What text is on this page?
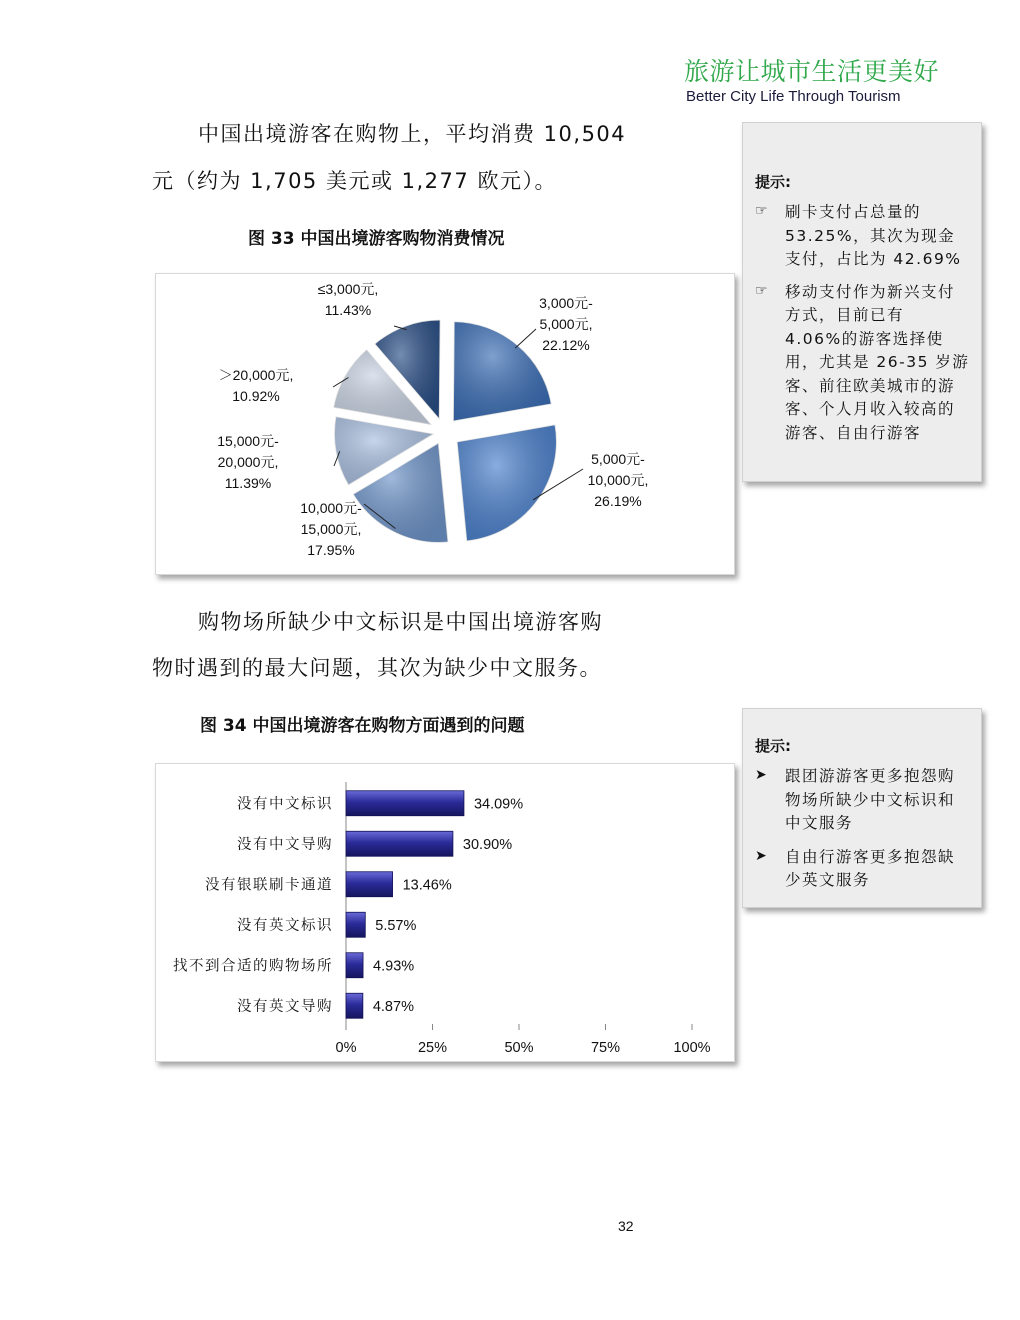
旅游让城市生活更美好
Better City Life Through Tourism
中国出境游客在购物上，平均消费 10,504
元（约为 1,705 美元或 1,277 欧元）。
图 33 中国出境游客购物消费情况
3,000元-5,000元, 22.12%
5,000元-10,000元, 26.19%
10,000元-15,000元, 17.95%
15,000元-20,000元, 11.39%
＞20,000元, 10.92%
≤3,000元, 11.43%
提示:
☞ 刷卡支付占总量的
53.25%，其次为现金
支付，占比为 42.69%
☞ 移动支付作为新兴支付
方式，目前已有
4.06%的游客选择使
用，尤其是 26-35 岁游
客、前往欧美城市的游
客、个人月收入较高的
游客、自由行游客
购物场所缺少中文标识是中国出境游客购
物时遇到的最大问题，其次为缺少中文服务。
图 34 中国出境游客在购物方面遇到的问题
0%	25%	50%	75%	100%
没有中文标识	34.09%
没有中文导购	30.90%
没有银联刷卡通道	13.46%
没有英文标识	5.57%
找不到合适的购物场所	4.93%
没有英文导购	4.87%
提示:
➤ 跟团游游客更多抱怨购
物场所缺少中文标识和
中文服务
➤ 自由行游客更多抱怨缺
少英文服务
32
